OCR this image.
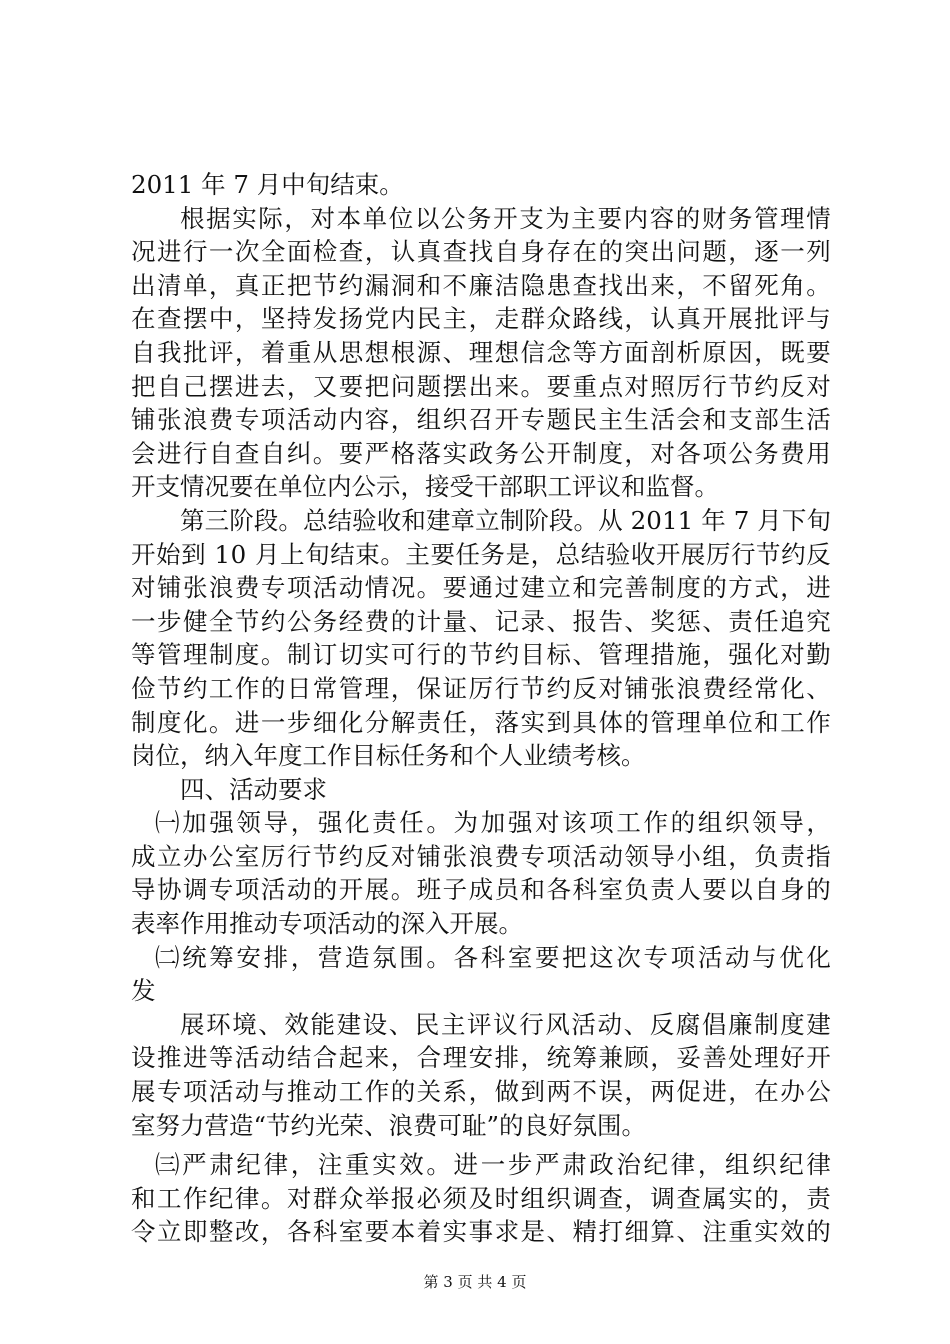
2011 年 7 月中旬结束。
根 据 实 际 ， 对 本 单 位 以 公 务 开 支 为 主 要 内 容 的 财 务 管 理 情
况 进 行 一 次 全 面 检 查 ， 认 真 查 找 自 身 存 在 的 突 出 问 题 ， 逐 一 列
出 清 单 ， 真 正 把 节 约 漏 洞 和 不 廉 洁 隐 患 查 找 出 来 ， 不 留 死 角 。
在 查 摆 中 ， 坚 持 发 扬 党 内 民 主 ， 走 群 众 路 线 ， 认 真 开 展 批 评 与
自 我 批 评 ， 着 重 从 思 想 根 源 、 理 想 信 念 等 方 面 剖 析 原 因 ， 既 要
把 自 己 摆 进 去 ， 又 要 把 问 题 摆 出 来 。 要 重 点 对 照 厉 行 节 约 反 对
铺 张 浪 费 专 项 活 动 内 容 ， 组 织 召 开 专 题 民 主 生 活 会 和 支 部 生 活
会 进 行 自 查 自 纠 。 要 严 格 落 实 政 务 公 开 制 度 ， 对 各 项 公 务 费 用
开支情况要在单位内公示，接受干部职工评议和监督。
第 三 阶 段 。 总 结 验 收 和 建 章 立 制 阶 段 。 从
2 0 1 1
年
7
月 下 旬
开 始 到
1 0
月 上 旬 结 束 。 主 要 任 务 是 ， 总 结 验 收 开 展 厉 行 节 约 反
对 铺 张 浪 费 专 项 活 动 情 况 。 要 通 过 建 立 和 完 善 制 度 的 方 式 ， 进
一 步 健 全 节 约 公 务 经 费 的 计 量 、 记 录 、 报 告 、 奖 惩 、 责 任 追 究
等 管 理 制 度 。 制 订 切 实 可 行 的 节 约 目 标 、 管 理 措 施 ， 强 化 对 勤
俭 节 约 工 作 的 日 常 管 理 ， 保 证 厉 行 节 约 反 对 铺 张 浪 费 经 常 化 、
制 度 化 。 进 一 步 细 化 分 解 责 任 ， 落 实 到 具 体 的 管 理 单 位 和 工 作
岗位，纳入年度工作目标任务和个人业绩考核。
四、活动要求
㈠ 加 强 领 导 ， 强 化 责 任 。 为 加 强 对 该 项 工 作 的 组 织 领 导 ，
成 立 办 公 室 厉 行 节 约 反 对 铺 张 浪 费 专 项 活 动 领 导 小 组 ， 负 责 指
导 协 调 专 项 活 动 的 开 展 。 班 子 成 员 和 各 科 室 负 责 人 要 以 自 身 的
表率作用推动专项活动的深入开展。
㈡ 统 筹 安 排 ， 营 造 氛 围 。 各 科 室 要 把 这 次 专 项 活 动 与 优 化
发
展 环 境 、 效 能 建 设 、 民 主 评 议 行 风 活 动 、 反 腐 倡 廉 制 度 建
设 推 进 等 活 动 结 合 起 来 ， 合 理 安 排 ， 统 筹 兼 顾 ， 妥 善 处 理 好 开
展 专 项 活 动 与 推 动 工 作 的 关 系 ， 做 到 两 不 误 ， 两 促 进 ， 在 办 公
室努力营造“节约光荣、浪费可耻”的良好氛围。
㈢ 严 肃 纪 律 ， 注 重 实 效 。 进 一 步 严 肃 政 治 纪 律 ， 组 织 纪 律
和 工 作 纪 律 。 对 群 众 举 报 必 须 及 时 组 织 调 查 ， 调 查 属 实 的 ， 责
令 立 即 整 改 ， 各 科 室 要 本 着 实 事 求 是 、 精 打 细 算 、 注 重 实 效 的
第 3 页 共 4 页
